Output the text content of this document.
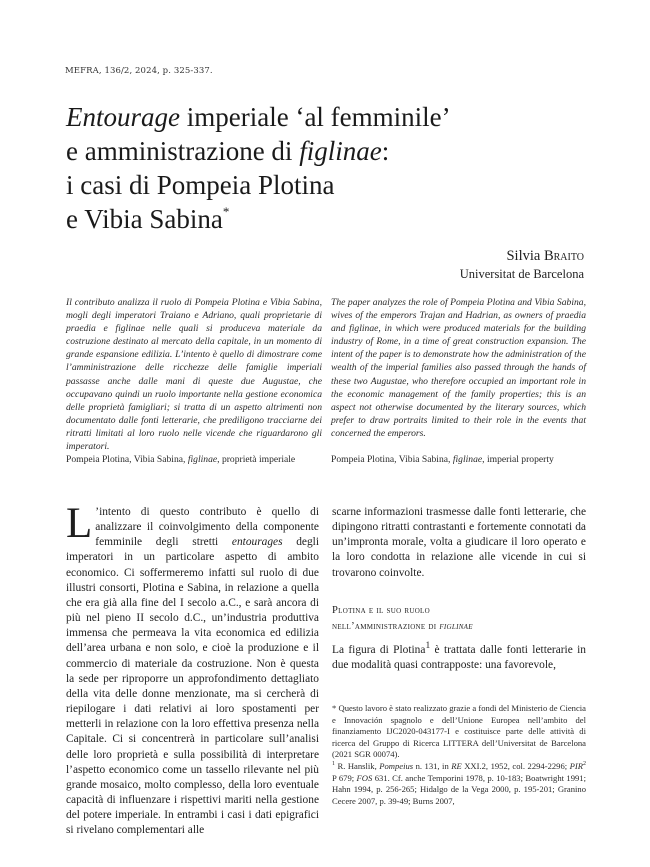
MEFRA, 136/2, 2024, p. 325-337.
Entourage imperiale ‘al femminile’
e amministrazione di figlinae:
i casi di Pompeia Plotina
e Vibia Sabina*
Silvia Braito
Universitat de Barcelona
Il contributo analizza il ruolo di Pompeia Plotina e Vibia Sabina, mogli degli imperatori Traiano e Adriano, quali proprietarie di praedia e figlinae nelle quali si produceva materiale da costruzione destinato al mercato della capitale, in un momento di grande espansione edilizia. L’intento è quello di dimostrare come l’amministrazione delle ricchezze delle famiglie imperiali passasse anche dalle mani di queste due Augustae, che occupavano quindi un ruolo importante nella gestione economica delle proprietà famigliari; si tratta di un aspetto altrimenti non documentato dalle fonti letterarie, che prediligono tracciarne dei ritratti limitati al loro ruolo nelle vicende che riguardarono gli imperatori.
The paper analyzes the role of Pompeia Plotina and Vibia Sabina, wives of the emperors Trajan and Hadrian, as owners of praedia and figlinae, in which were produced materials for the building industry of Rome, in a time of great construction expansion. The intent of the paper is to demonstrate how the administration of the wealth of the imperial families also passed through the hands of these two Augustae, who therefore occupied an important role in the economic management of the family properties; this is an aspect not otherwise documented by the literary sources, which prefer to draw portraits limited to their role in the events that concerned the emperors.
Pompeia Plotina, Vibia Sabina, figlinae, proprietà imperiale	Pompeia Plotina, Vibia Sabina, figlinae, imperial property
L ’intento di questo contributo è quello di analizzare il coinvolgimento della componente femminile degli stretti entourages degli imperatori in un particolare aspetto di ambito economico. Ci soffermeremo infatti sul ruolo di due illustri consorti, Plotina e Sabina, in relazione a quella che era già alla fine del I secolo a.C., e sarà ancora di più nel pieno II secolo d.C., un’industria produttiva immensa che permeava la vita economica ed edilizia dell’area urbana e non solo, e cioè la produzione e il commercio di materiale da costruzione. Non è questa la sede per riproporre un approfondimento dettagliato della vita delle donne menzionate, ma si cercherà di riepilogare i dati relativi ai loro spostamenti per metterli in relazione con la loro effettiva presenza nella Capitale. Ci si concentrerà in particolare sull’analisi delle loro proprietà e sulla possibilità di interpretare l’aspetto economico come un tassello rilevante nel più grande mosaico, molto complesso, della loro eventuale capacità di influenzare i rispettivi mariti nella gestione del potere imperiale. In entrambi i casi i dati epigrafici si rivelano complementari alle
scarne informazioni trasmesse dalle fonti letterarie, che dipingono ritratti contrastanti e fortemente connotati da un’impronta morale, volta a giudicare il loro operato e la loro condotta in relazione alle vicende in cui si trovarono coinvolte.
Plotina e il suo ruolo
nell’amministrazione di figlinae
La figura di Plotina$^1$ è trattata dalle fonti letterarie in due modalità quasi contrapposte: una favorevole,

* Questo lavoro è stato realizzato grazie a fondi del Ministerio de Ciencia e Innovación spagnolo e dell’Unione Europea nell’ambito del finanziamento IJC2020-043177-I e costituisce parte delle attività di ricerca del Gruppo di Ricerca LITTERA dell’Universitat de Barcelona (2021 SGR 00074).

$^1$ R. Hanslik, Pompeius n. 131, in RE XXI.2, 1952, col. 2294-2296; PIR$^2$ P 679; FOS 631. Cf. anche Temporini 1978, p. 10-183; Boatwright 1991; Hahn 1994, p. 256-265; Hidalgo de la Vega 2000, p. 195-201; Granino Cecere 2007, p. 39-49; Burns 2007,
